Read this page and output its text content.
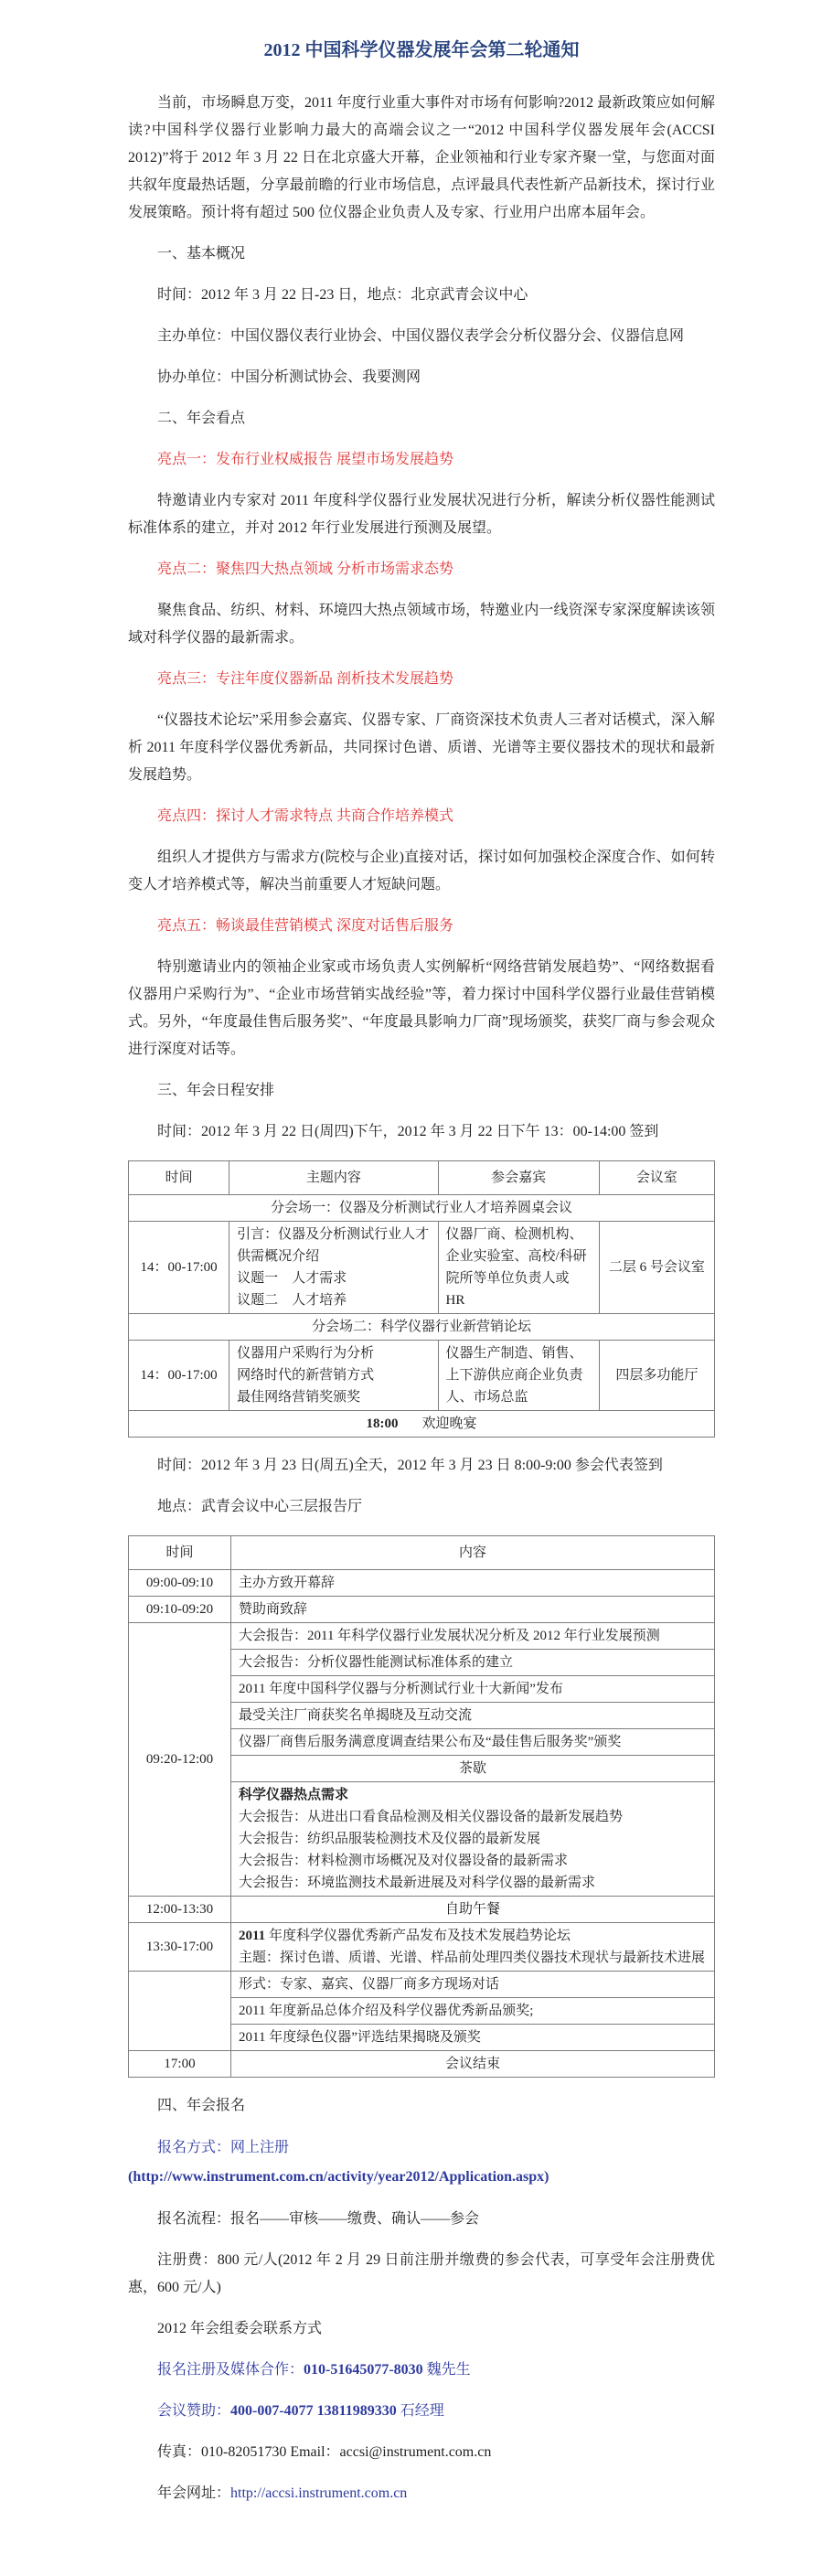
2012 中国科学仪器发展年会第二轮通知

当前，市场瞬息万变，2011 年度行业重大事件对市场有何影响?2012 最新政策应如何解读?中国科学仪器行业影响力最大的高端会议之一“2012 中国科学仪器发展年会(ACCSI 2012)”将于 2012 年 3 月 22 日在北京盛大开幕，企业领袖和行业专家齐聚一堂，与您面对面共叙年度最热话题，分享最前瞻的行业市场信息，点评最具代表性新产品新技术，探讨行业发展策略。预计将有超过 500 位仪器企业负责人及专家、行业用户出席本届年会。

一、基本概况

时间：2012 年 3 月 22 日-23 日，地点：北京武青会议中心

主办单位：中国仪器仪表行业协会、中国仪器仪表学会分析仪器分会、仪器信息网

协办单位：中国分析测试协会、我要测网

二、年会看点

亮点一：发布行业权威报告 展望市场发展趋势

特邀请业内专家对 2011 年度科学仪器行业发展状况进行分析，解读分析仪器性能测试标准体系的建立，并对 2012 年行业发展进行预测及展望。

亮点二：聚焦四大热点领域 分析市场需求态势

聚焦食品、纺织、材料、环境四大热点领域市场，特邀业内一线资深专家深度解读该领域对科学仪器的最新需求。

亮点三：专注年度仪器新品 剖析技术发展趋势

“仪器技术论坛”采用参会嘉宾、仪器专家、厂商资深技术负责人三者对话模式，深入解析 2011 年度科学仪器优秀新品，共同探讨色谱、质谱、光谱等主要仪器技术的现状和最新发展趋势。

亮点四：探讨人才需求特点 共商合作培养模式

组织人才提供方与需求方(院校与企业)直接对话，探讨如何加强校企深度合作、如何转变人才培养模式等，解决当前重要人才短缺问题。

亮点五：畅谈最佳营销模式 深度对话售后服务

特别邀请业内的领袖企业家或市场负责人实例解析“网络营销发展趋势”、“网络数据看仪器用户采购行为”、“企业市场营销实战经验”等，着力探讨中国科学仪器行业最佳营销模式。另外，“年度最佳售后服务奖”、“年度最具影响力厂商”现场颁奖，获奖厂商与参会观众进行深度对话等。

三、年会日程安排

时间：2012 年 3 月 22 日(周四)下午，2012 年 3 月 22 日下午 13：00-14:00 签到

时间	主题内容	参会嘉宾	会议室
分会场一：仪器及分析测试行业人才培养圆桌会议			
14：00-17:00	引言：仪器及分析测试行业人才供需概况介绍
议题一　人才需求
议题二　人才培养	仪器厂商、检测机构、企业实验室、高校/科研院所等单位负责人或 HR	二层 6 号会议室
分会场二：科学仪器行业新营销论坛			
14：00-17:00	仪器用户采购行为分析
网络时代的新营销方式
最佳网络营销奖颁奖	仪器生产制造、销售、上下游供应商企业负责人、市场总监	四层多功能厅
18:00 欢迎晚宴			

时间：2012 年 3 月 23 日(周五)全天，2012 年 3 月 23 日 8:00-9:00 参会代表签到

地点：武青会议中心三层报告厅

时间	内容
09:00-09:10	主办方致开幕辞
09:10-09:20	赞助商致辞
09:20-12:00	大会报告：2011 年科学仪器行业发展状况分析及 2012 年行业发展预测
	大会报告：分析仪器性能测试标准体系的建立
	2011 年度中国科学仪器与分析测试行业十大新闻”发布
	最受关注厂商获奖名单揭晓及互动交流
	仪器厂商售后服务满意度调查结果公布及“最佳售后服务奖”颁奖
	茶歇

	科学仪器热点需求
大会报告：从进出口看食品检测及相关仪器设备的最新发展趋势
大会报告：纺织品服装检测技术及仪器的最新发展
大会报告：材料检测市场概况及对仪器设备的最新需求
大会报告：环境监测技术最新进展及对科学仪器的最新需求

12:00-13:30	自助午餐
13:30-17:00	2011 年度科学仪器优秀新产品发布及技术发展趋势论坛
主题：探讨色谱、质谱、光谱、样品前处理四类仪器技术现状与最新技术进展

	形式：专家、嘉宾、仪器厂商多方现场对话
	2011 年度新品总体介绍及科学仪器优秀新品颁奖;
	2011 年度绿色仪器”评选结果揭晓及颁奖
17:00	会议结束

四、年会报名

报名方式：网上注册

(http://www.instrument.com.cn/activity/year2012/Application.aspx)

报名流程：报名——审核——缴费、确认——参会

注册费：800 元/人(2012 年 2 月 29 日前注册并缴费的参会代表，可享受年会注册费优惠，600 元/人)

2012 年会组委会联系方式

报名注册及媒体合作：010-51645077-8030 魏先生

会议赞助：400-007-4077 13811989330 石经理

传真：010-82051730 Email：accsi@instrument.com.cn

年会网址：http://accsi.instrument.com.cn
